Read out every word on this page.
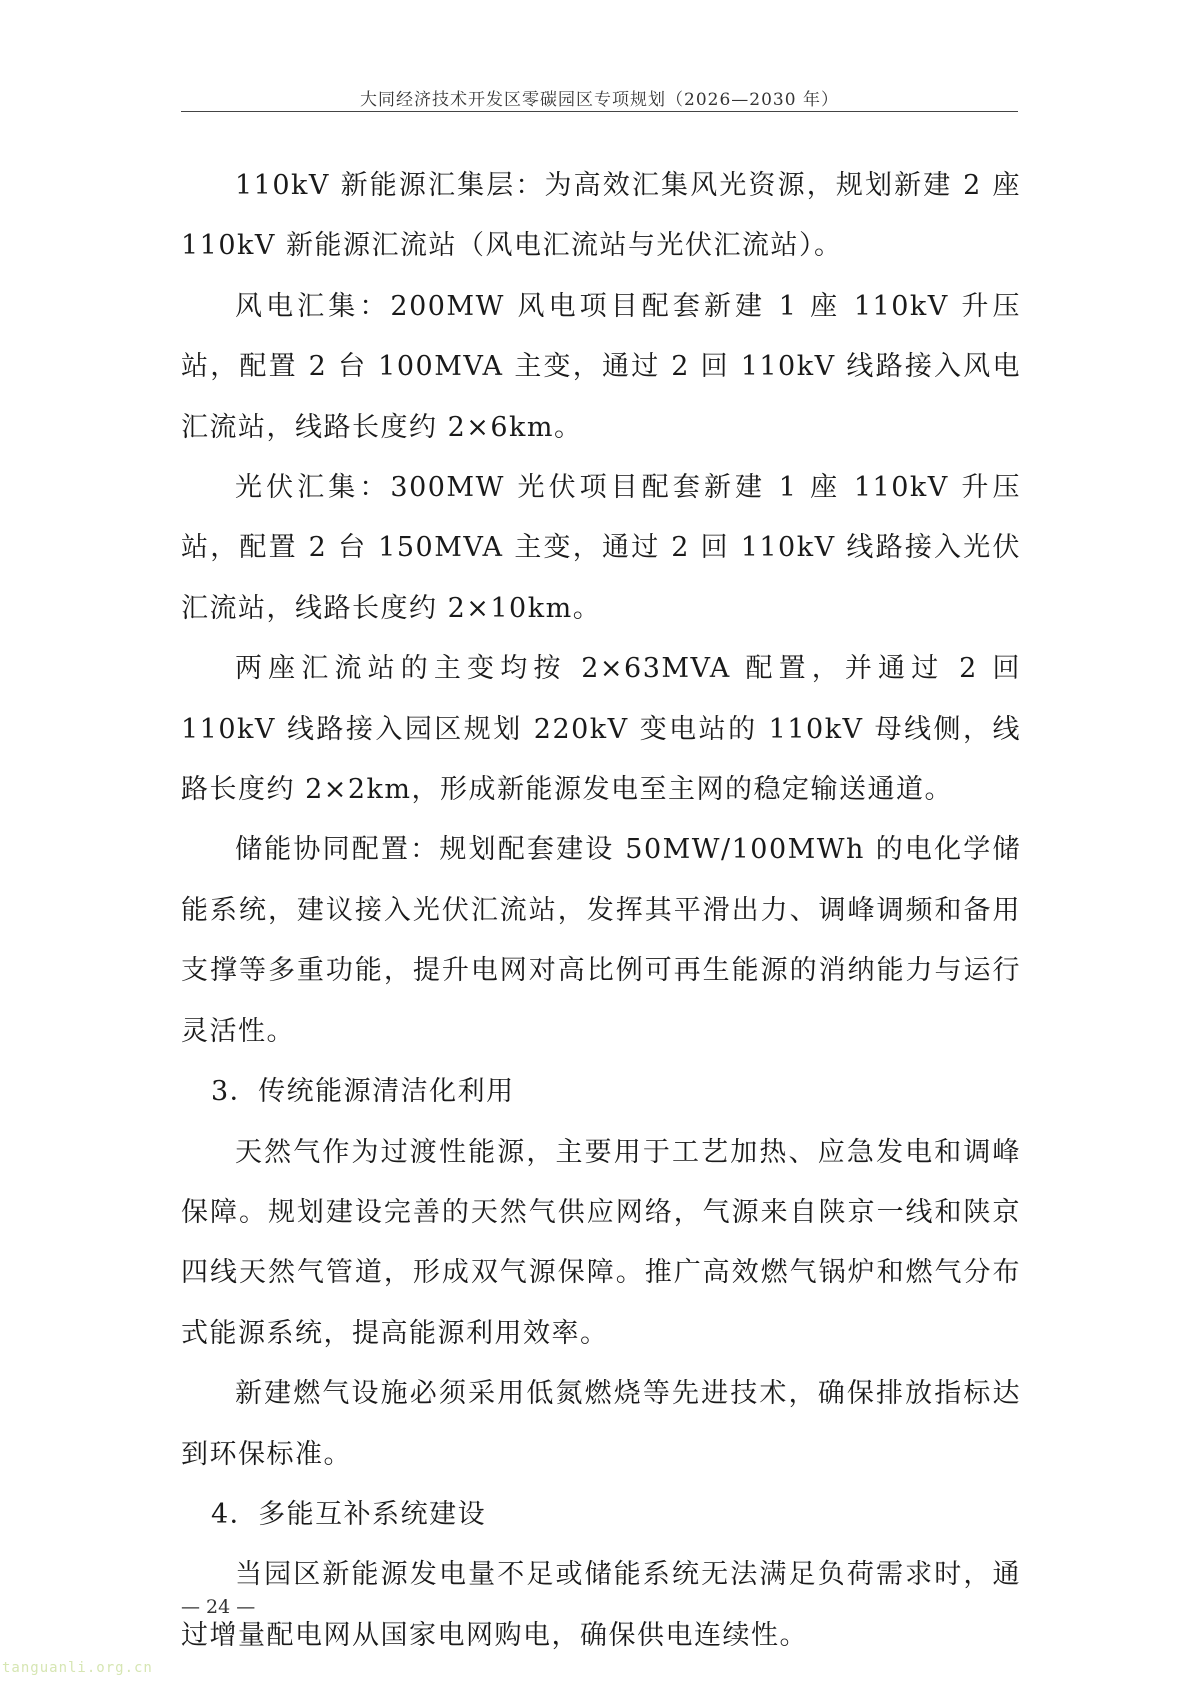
大同经济技术开发区零碳园区专项规划（2026—2030 年）

110kV 新能源汇集层：为高效汇集风光资源，规划新建 2 座 110kV 新能源汇流站（风电汇流站与光伏汇流站）。

风电汇集：200MW 风电项目配套新建 1 座 110kV 升压站，配置 2 台 100MVA 主变，通过 2 回 110kV 线路接入风电汇流站，线路长度约 2×6km。

光伏汇集：300MW 光伏项目配套新建 1 座 110kV 升压站，配置 2 台 150MVA 主变，通过 2 回 110kV 线路接入光伏汇流站，线路长度约 2×10km。

两座汇流站的主变均按 2×63MVA 配置，并通过 2 回 110kV 线路接入园区规划 220kV 变电站的 110kV 母线侧，线路长度约 2×2km，形成新能源发电至主网的稳定输送通道。

储能协同配置：规划配套建设 50MW/100MWh 的电化学储能系统，建议接入光伏汇流站，发挥其平滑出力、调峰调频和备用支撑等多重功能，提升电网对高比例可再生能源的消纳能力与运行灵活性。

3．传统能源清洁化利用

天然气作为过渡性能源，主要用于工艺加热、应急发电和调峰保障。规划建设完善的天然气供应网络，气源来自陕京一线和陕京四线天然气管道，形成双气源保障。推广高效燃气锅炉和燃气分布式能源系统，提高能源利用效率。

新建燃气设施必须采用低氮燃烧等先进技术，确保排放指标达到环保标准。

4．多能互补系统建设

当园区新能源发电量不足或储能系统无法满足负荷需求时，通过增量配电网从国家电网购电，确保供电连续性。

— 24 —
tanguanli.org.cn
